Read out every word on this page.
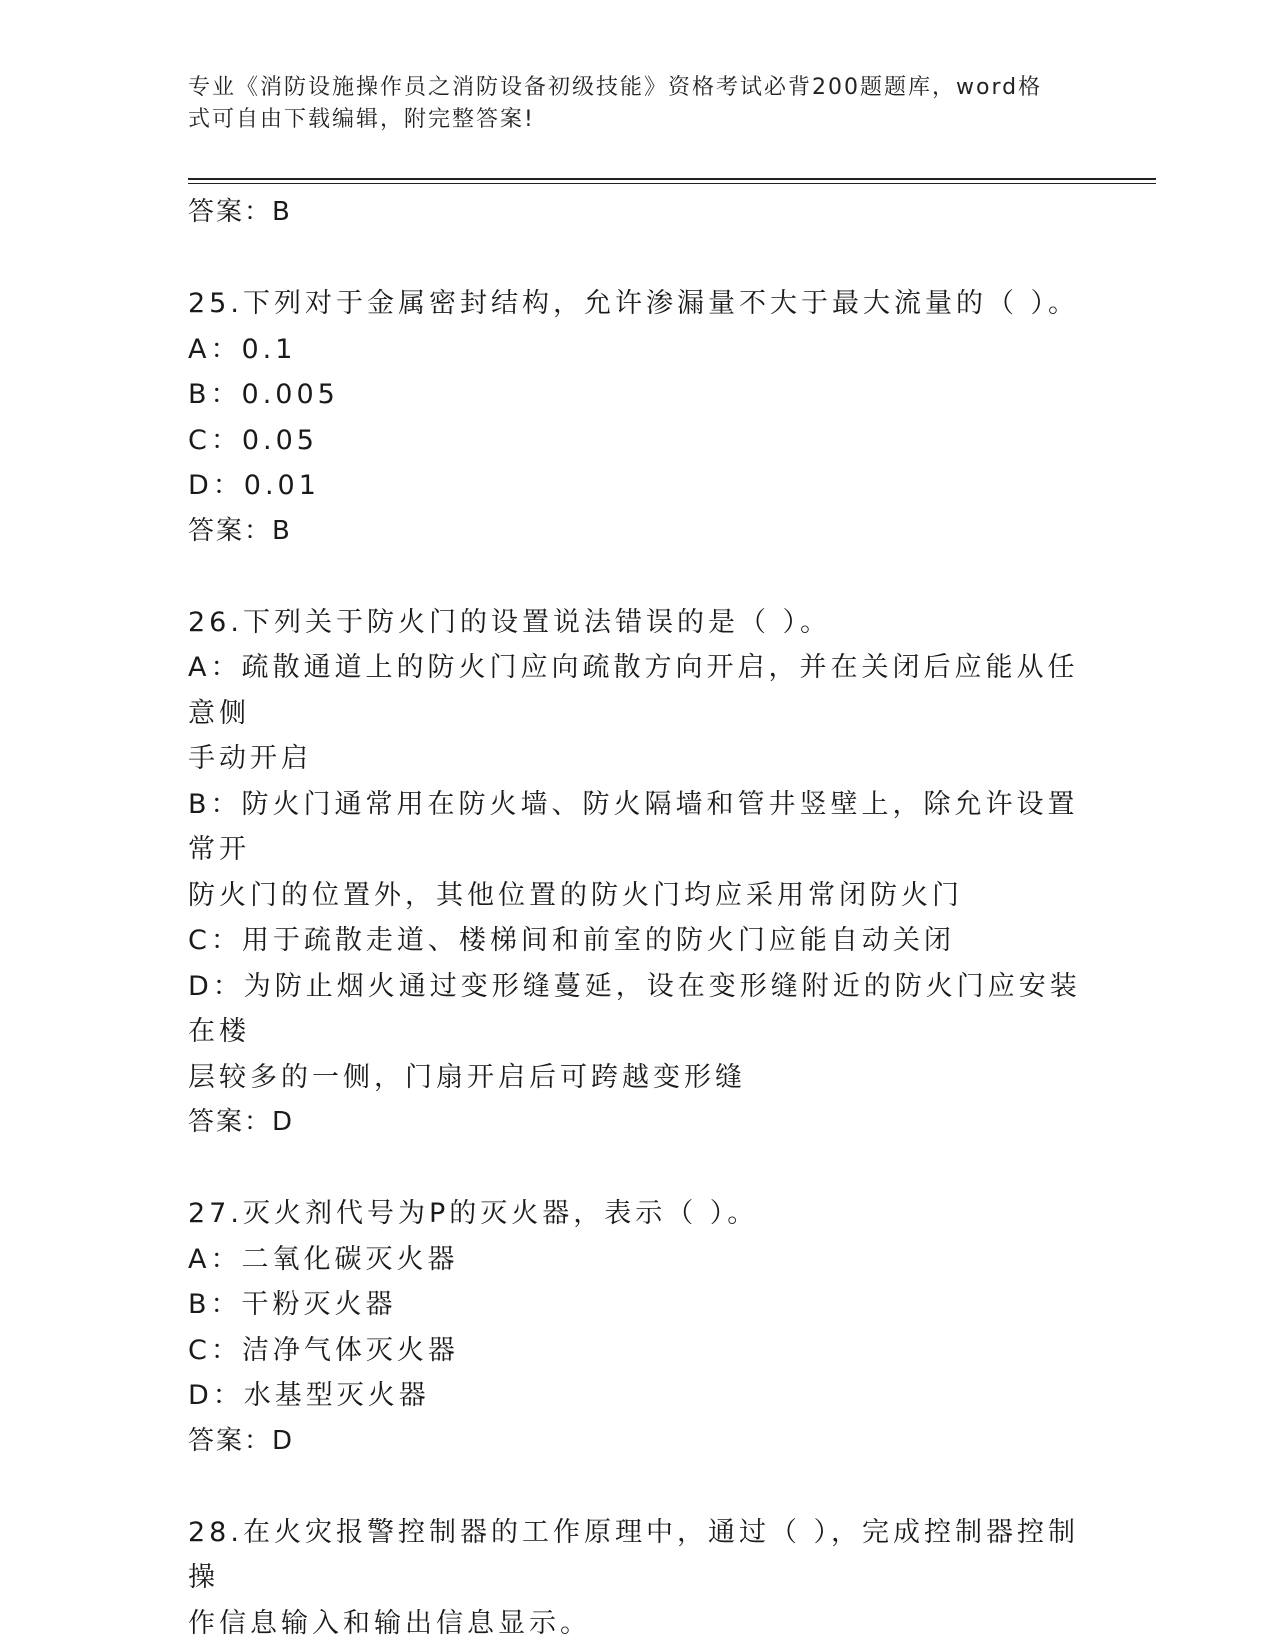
专业《消防设施操作员之消防设备初级技能》资格考试必背200题题库，word格
式可自由下载编辑，附完整答案!
答案：B
25.下列对于金属密封结构，允许渗漏量不大于最大流量的（ ）。
A：0.1
B：0.005
C：0.05
D：0.01
答案：B
26.下列关于防火门的设置说法错误的是（ ）。
A：疏散通道上的防火门应向疏散方向开启，并在关闭后应能从任意侧
手动开启
B：防火门通常用在防火墙、防火隔墙和管井竖壁上，除允许设置常开
防火门的位置外，其他位置的防火门均应采用常闭防火门
C：用于疏散走道、楼梯间和前室的防火门应能自动关闭
D：为防止烟火通过变形缝蔓延，设在变形缝附近的防火门应安装在楼
层较多的一侧，门扇开启后可跨越变形缝
答案：D
27.灭火剂代号为P的灭火器，表示（ ）。
A：二氧化碳灭火器
B：干粉灭火器
C：洁净气体灭火器
D：水基型灭火器
答案：D
28.在火灾报警控制器的工作原理中，通过（ ），完成控制器控制操
作信息输入和输出信息显示。
